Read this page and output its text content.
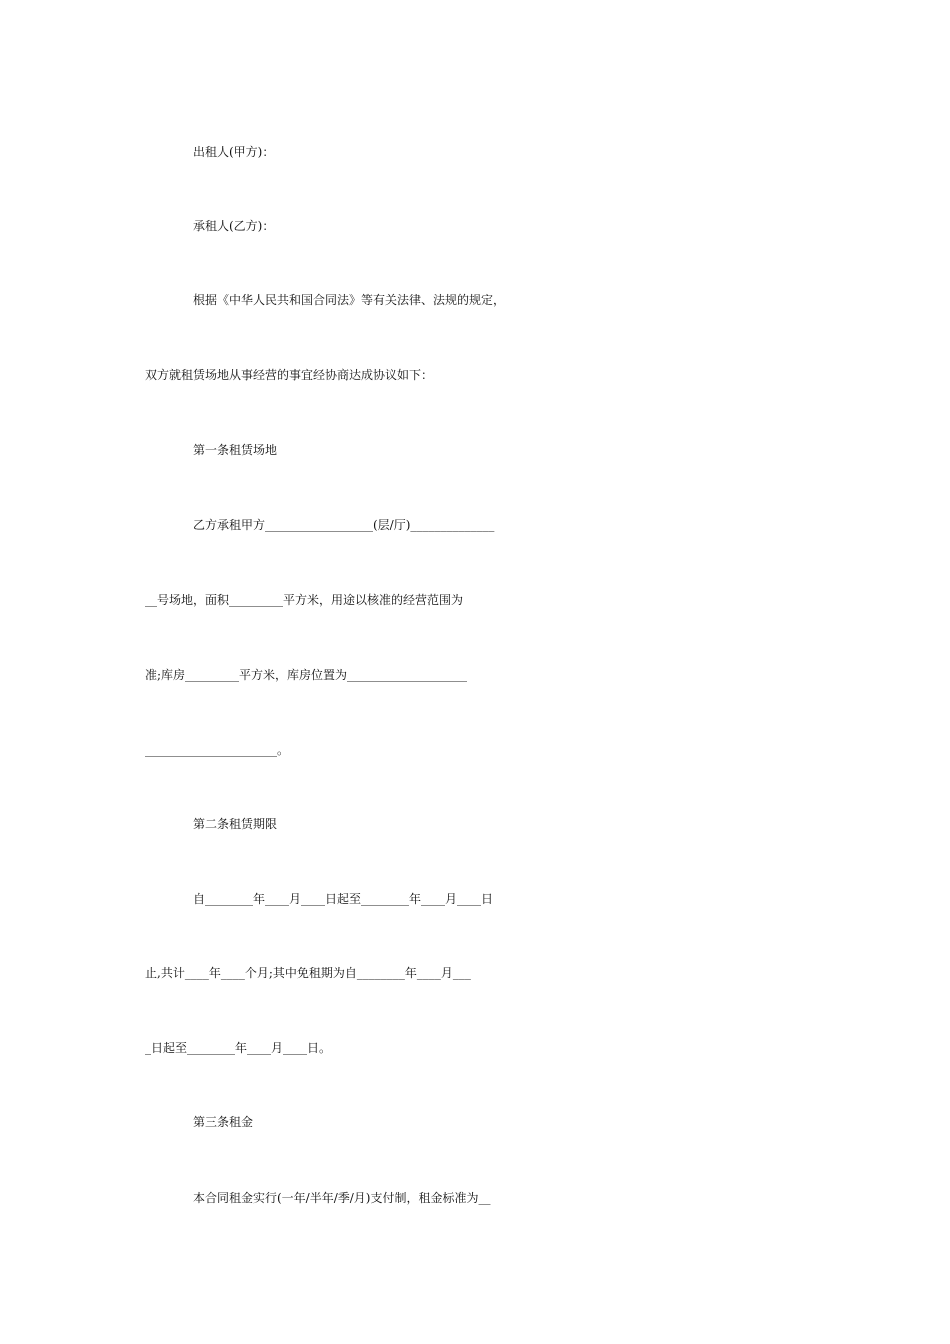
出租人(甲方)：
承租人(乙方)：
根据《中华人民共和国合同法》等有关法律、法规的规定，
双方就租赁场地从事经营的事宜经协商达成协议如下：
第一条租赁场地
乙方承租甲方__________________(层/厅)______________
__号场地，面积_________平方米，用途以核准的经营范围为
准;库房_________平方米，库房位置为____________________
______________________。
第二条租赁期限
自________年____月____日起至________年____月____日
止,共计____年____个月;其中免租期为自________年____月___
_日起至________年____月____日。
第三条租金
本合同租金实行(一年/半年/季/月)支付制，租金标准为__
